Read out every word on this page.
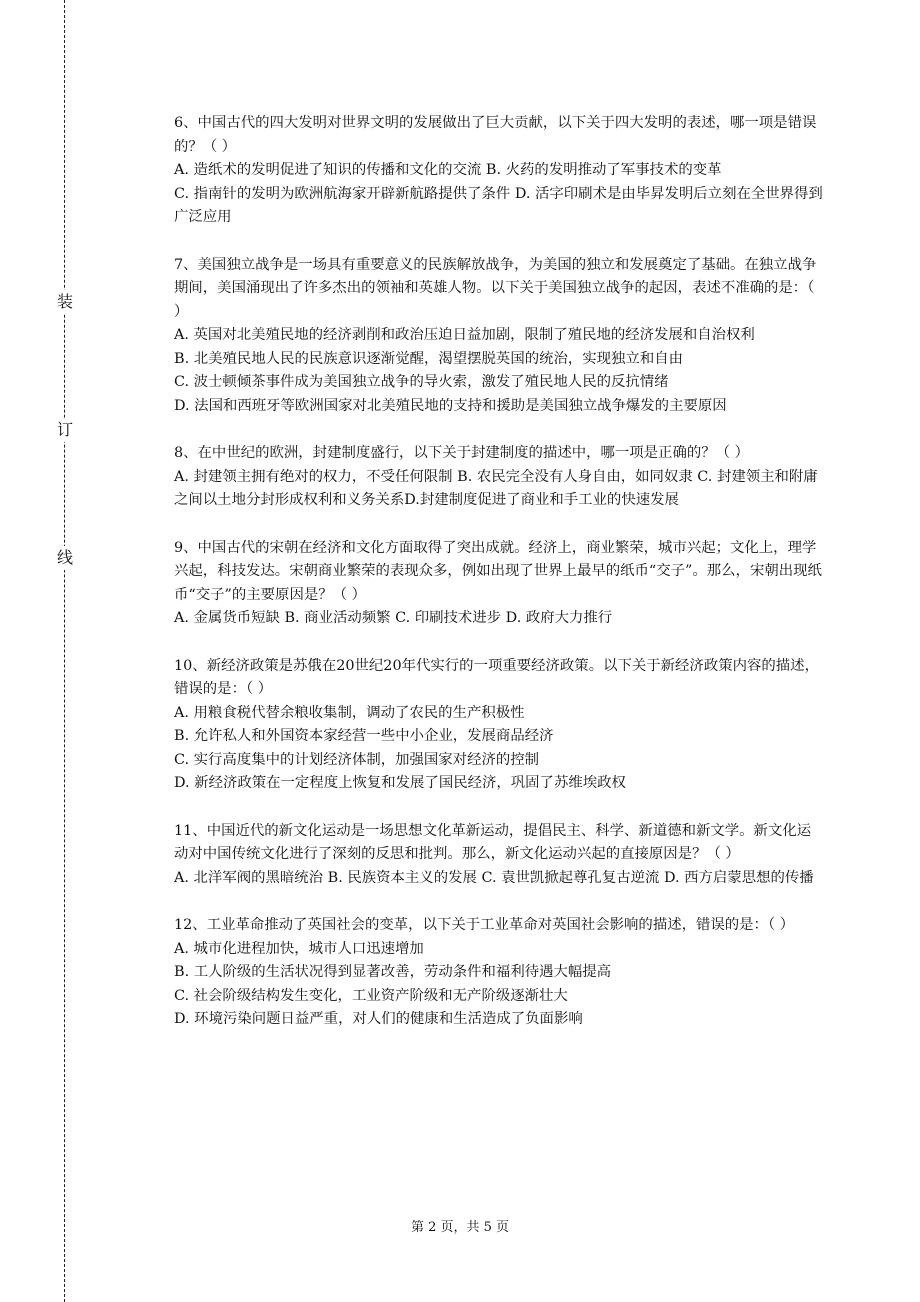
装
订
线

6、中国古代的四大发明对世界文明的发展做出了巨大贡献，以下关于四大发明的表述，哪一项是错误的？（ ）

A. 造纸术的发明促进了知识的传播和文化的交流 B. 火药的发明推动了军事技术的变革

C. 指南针的发明为欧洲航海家开辟新航路提供了条件 D. 活字印刷术是由毕昇发明后立刻在全世界得到广泛应用

7、美国独立战争是一场具有重要意义的民族解放战争，为美国的独立和发展奠定了基础。在独立战争期间，美国涌现出了许多杰出的领袖和英雄人物。以下关于美国独立战争的起因，表述不准确的是：（ ）

A. 英国对北美殖民地的经济剥削和政治压迫日益加剧，限制了殖民地的经济发展和自治权利

B. 北美殖民地人民的民族意识逐渐觉醒，渴望摆脱英国的统治，实现独立和自由

C. 波士顿倾茶事件成为美国独立战争的导火索，激发了殖民地人民的反抗情绪

D. 法国和西班牙等欧洲国家对北美殖民地的支持和援助是美国独立战争爆发的主要原因

8、在中世纪的欧洲，封建制度盛行，以下关于封建制度的描述中，哪一项是正确的？（ ）

A. 封建领主拥有绝对的权力，不受任何限制 B. 农民完全没有人身自由，如同奴隶 C. 封建领主和附庸之间以土地分封形成权利和义务关系D.封建制度促进了商业和手工业的快速发展

9、中国古代的宋朝在经济和文化方面取得了突出成就。经济上，商业繁荣，城市兴起；文化上，理学兴起，科技发达。宋朝商业繁荣的表现众多，例如出现了世界上最早的纸币“交子”。那么，宋朝出现纸币“交子”的主要原因是？（ ）

A. 金属货币短缺 B. 商业活动频繁 C. 印刷技术进步 D. 政府大力推行

10、新经济政策是苏俄在20世纪20年代实行的一项重要经济政策。以下关于新经济政策内容的描述，错误的是：（ ）

A. 用粮食税代替余粮收集制，调动了农民的生产积极性

B. 允许私人和外国资本家经营一些中小企业，发展商品经济

C. 实行高度集中的计划经济体制，加强国家对经济的控制

D. 新经济政策在一定程度上恢复和发展了国民经济，巩固了苏维埃政权

11、中国近代的新文化运动是一场思想文化革新运动，提倡民主、科学、新道德和新文学。新文化运动对中国传统文化进行了深刻的反思和批判。那么，新文化运动兴起的直接原因是？（ ）

A. 北洋军阀的黑暗统治 B. 民族资本主义的发展 C. 袁世凯掀起尊孔复古逆流 D. 西方启蒙思想的传播

12、工业革命推动了英国社会的变革，以下关于工业革命对英国社会影响的描述，错误的是：（ ）

A. 城市化进程加快，城市人口迅速增加

B. 工人阶级的生活状况得到显著改善，劳动条件和福利待遇大幅提高

C. 社会阶级结构发生变化，工业资产阶级和无产阶级逐渐壮大

D. 环境污染问题日益严重，对人们的健康和生活造成了负面影响

第 2 页，共 5 页
